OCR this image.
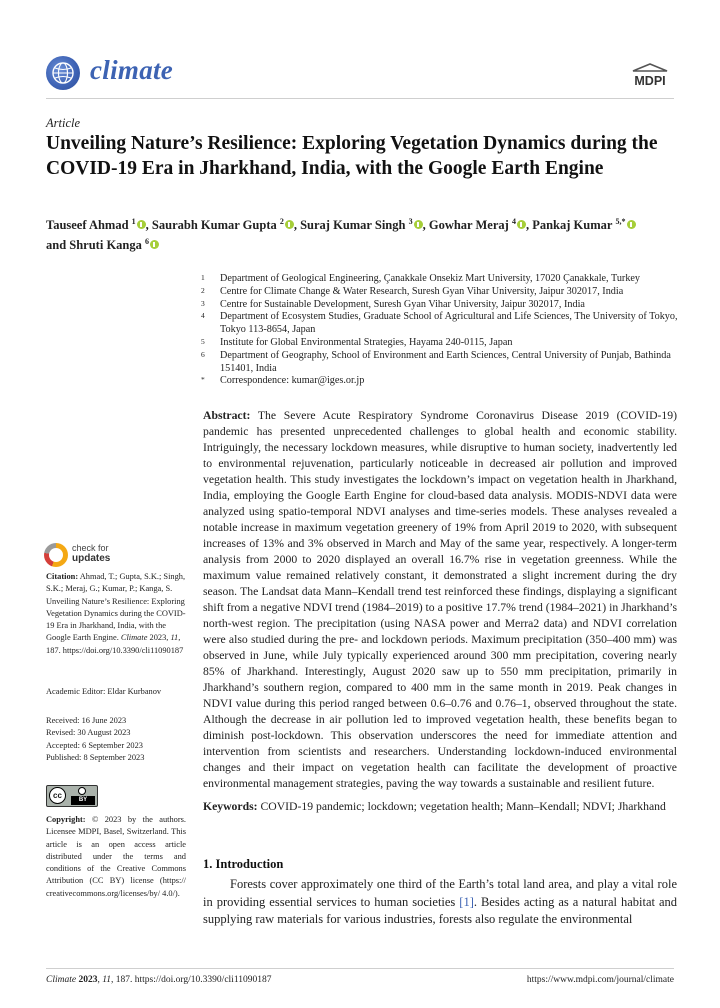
climate	MDPI
Article
Unveiling Nature’s Resilience: Exploring Vegetation Dynamics during the COVID-19 Era in Jharkhand, India, with the Google Earth Engine
Tauseef Ahmad $^1$ , Saurabh Kumar Gupta $^2$ , Suraj Kumar Singh $^3$ , Gowhar Meraj $^4$ , Pankaj Kumar $^{5,*}$
and Shruti Kanga $^6$
1 Department of Geological Engineering, Çanakkale Onsekiz Mart University, 17020 Çanakkale, Turkey
2 Centre for Climate Change & Water Research, Suresh Gyan Vihar University, Jaipur 302017, India
3 Centre for Sustainable Development, Suresh Gyan Vihar University, Jaipur 302017, India
4 Department of Ecosystem Studies, Graduate School of Agricultural and Life Sciences, The University of Tokyo, Tokyo 113-8654, Japan
5 Institute for Global Environmental Strategies, Hayama 240-0115, Japan
6 Department of Geography, School of Environment and Earth Sciences, Central University of Punjab, Bathinda 151401, India
* Correspondence: kumar@iges.or.jp
Abstract: The Severe Acute Respiratory Syndrome Coronavirus Disease 2019 (COVID-19) pandemic has presented unprecedented challenges to global health and economic stability. Intriguingly, the necessary lockdown measures, while disruptive to human society, inadvertently led to environmental rejuvenation, particularly noticeable in decreased air pollution and improved vegetation health. This study investigates the lockdown’s impact on vegetation health in Jharkhand, India, employing the Google Earth Engine for cloud-based data analysis. MODIS-NDVI data were analyzed using spatio-temporal NDVI analyses and time-series models. These analyses revealed a notable increase in maximum vegetation greenery of 19% from April 2019 to 2020, with subsequent increases of 13% and 3% observed in March and May of the same year, respectively. A longer-term analysis from 2000 to 2020 displayed an overall 16.7% rise in vegetation greenness. While the maximum value remained relatively constant, it demonstrated a slight increment during the dry season. The Landsat data Mann–Kendall trend test reinforced these findings, displaying a significant shift from a negative NDVI trend (1984–2019) to a positive 17.7% trend (1984–2021) in Jharkhand’s north-west region. The precipitation (using NASA power and Merra2 data) and NDVI correlation were also studied during the pre- and lockdown periods. Maximum precipitation (350–400 mm) was observed in June, while July typically experienced around 300 mm precipitation, covering nearly 85% of Jharkhand. Interestingly, August 2020 saw up to 550 mm precipitation, primarily in Jharkhand’s southern region, compared to 400 mm in the same month in 2019. Peak changes in NDVI value during this period ranged between 0.6–0.76 and 0.76–1, observed throughout the state. Although the decrease in air pollution led to improved vegetation health, these benefits began to diminish post-lockdown. This observation underscores the need for immediate attention and intervention from scientists and researchers. Understanding lockdown-induced environmental changes and their impact on vegetation health can facilitate the development of proactive environmental management strategies, paving the way towards a sustainable and resilient future.
Keywords: COVID-19 pandemic; lockdown; vegetation health; Mann–Kendall; NDVI; Jharkhand
check for
updates
Citation: Ahmad, T.; Gupta, S.K.; Singh, S.K.; Meraj, G.; Kumar, P.; Kanga, S. Unveiling Nature’s Resilience: Exploring Vegetation Dynamics during the COVID-19 Era in Jharkhand, India, with the Google Earth Engine. Climate 2023, 11, 187. https://doi.org/10.3390/cli11090187
Academic Editor: Eldar Kurbanov
Received: 16 June 2023
Revised: 30 August 2023
Accepted: 6 September 2023
Published: 8 September 2023
cc	BY
Copyright: © 2023 by the authors. Licensee MDPI, Basel, Switzerland. This article is an open access article distributed under the terms and conditions of the Creative Commons Attribution (CC BY) license (https:// creativecommons.org/licenses/by/ 4.0/).
1. Introduction
Forests cover approximately one third of the Earth’s total land area, and play a vital role in providing essential services to human societies [1]. Besides acting as a natural habitat and supplying raw materials for various industries, forests also regulate the environmental
Climate 2023, 11, 187. https://doi.org/10.3390/cli11090187	https://www.mdpi.com/journal/climate
